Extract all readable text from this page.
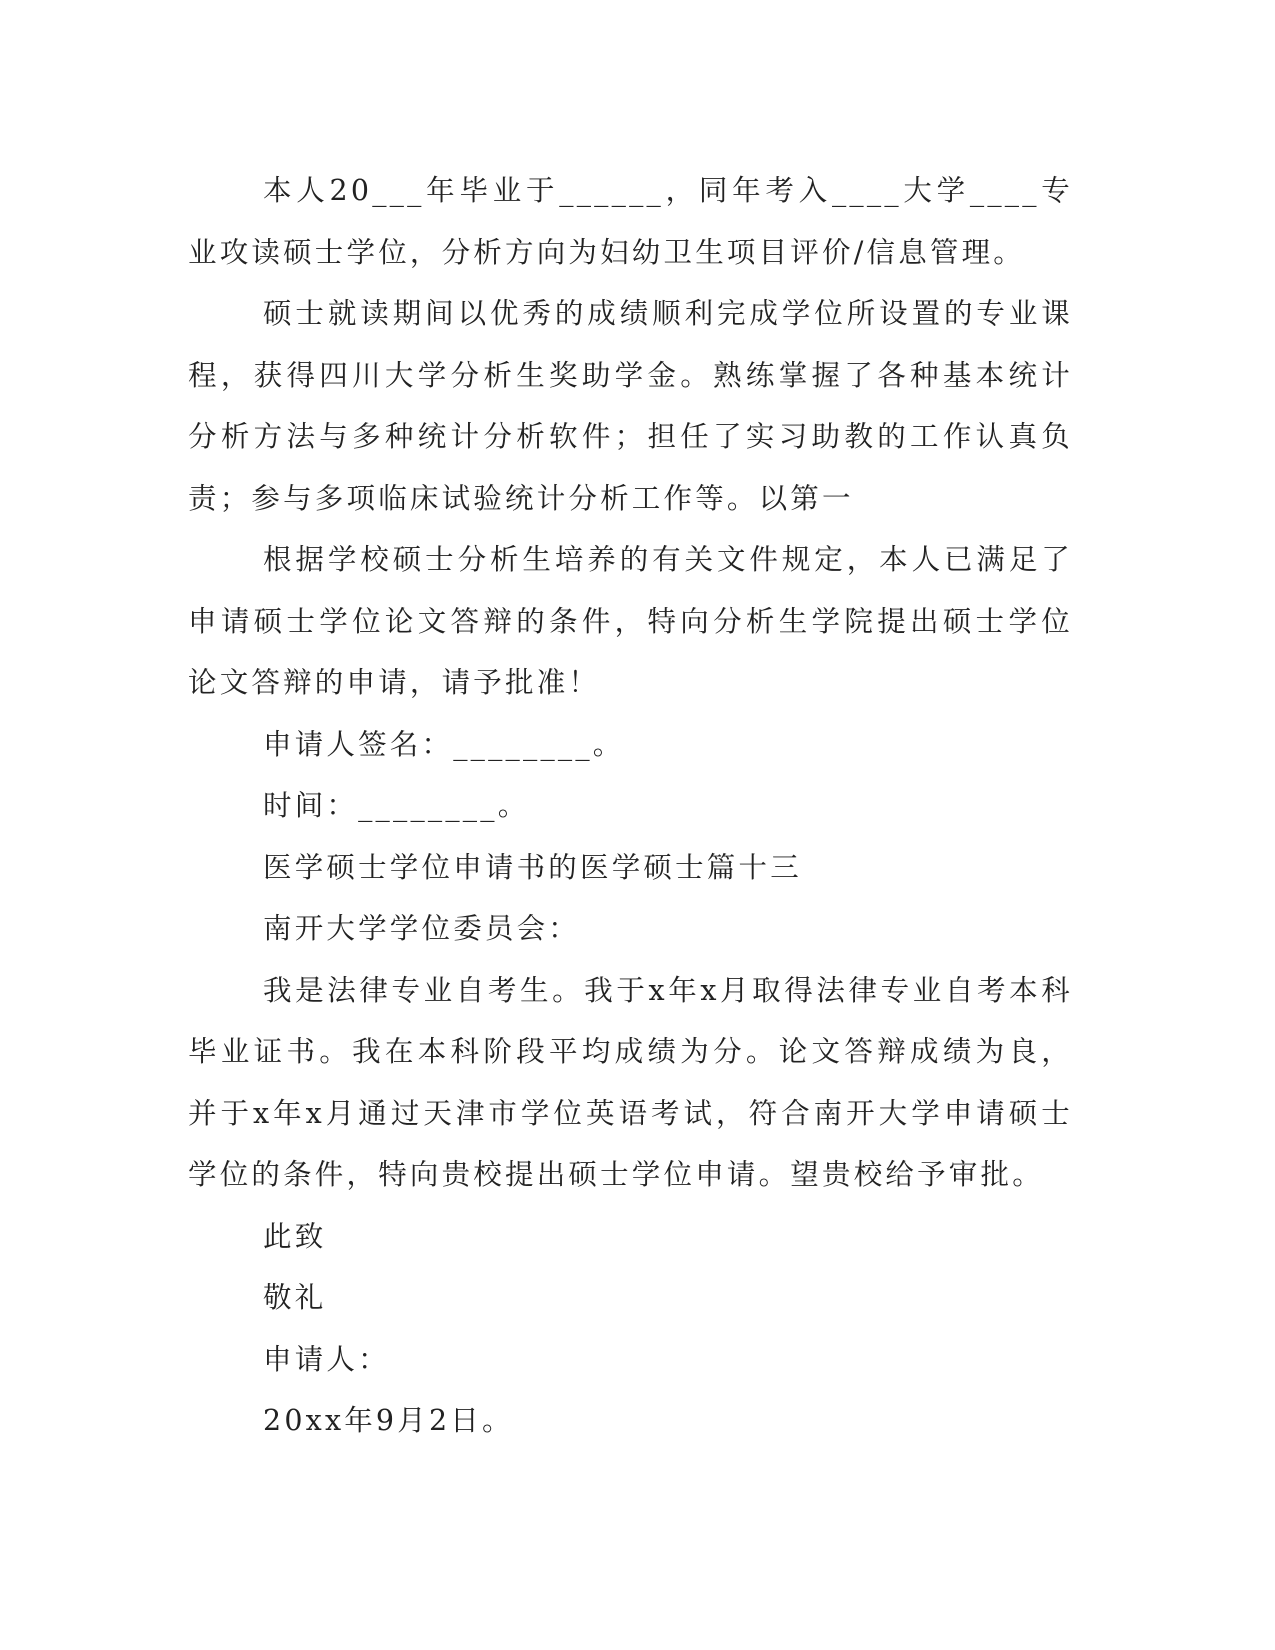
本人20___年毕业于______，同年考入____大学____专业攻读硕士学位，分析方向为妇幼卫生项目评价/信息管理。

硕士就读期间以优秀的成绩顺利完成学位所设置的专业课程，获得四川大学分析生奖助学金。熟练掌握了各种基本统计分析方法与多种统计分析软件；担任了实习助教的工作认真负责；参与多项临床试验统计分析工作等。以第一

根据学校硕士分析生培养的有关文件规定，本人已满足了申请硕士学位论文答辩的条件，特向分析生学院提出硕士学位论文答辩的申请，请予批准！

申请人签名：________。

时间：________。

医学硕士学位申请书的医学硕士篇十三

南开大学学位委员会：

我是法律专业自考生。我于x年x月取得法律专业自考本科毕业证书。我在本科阶段平均成绩为分。论文答辩成绩为良，并于x年x月通过天津市学位英语考试，符合南开大学申请硕士学位的条件，特向贵校提出硕士学位申请。望贵校给予审批。

此致

敬礼

申请人：

20xx年9月2日。
